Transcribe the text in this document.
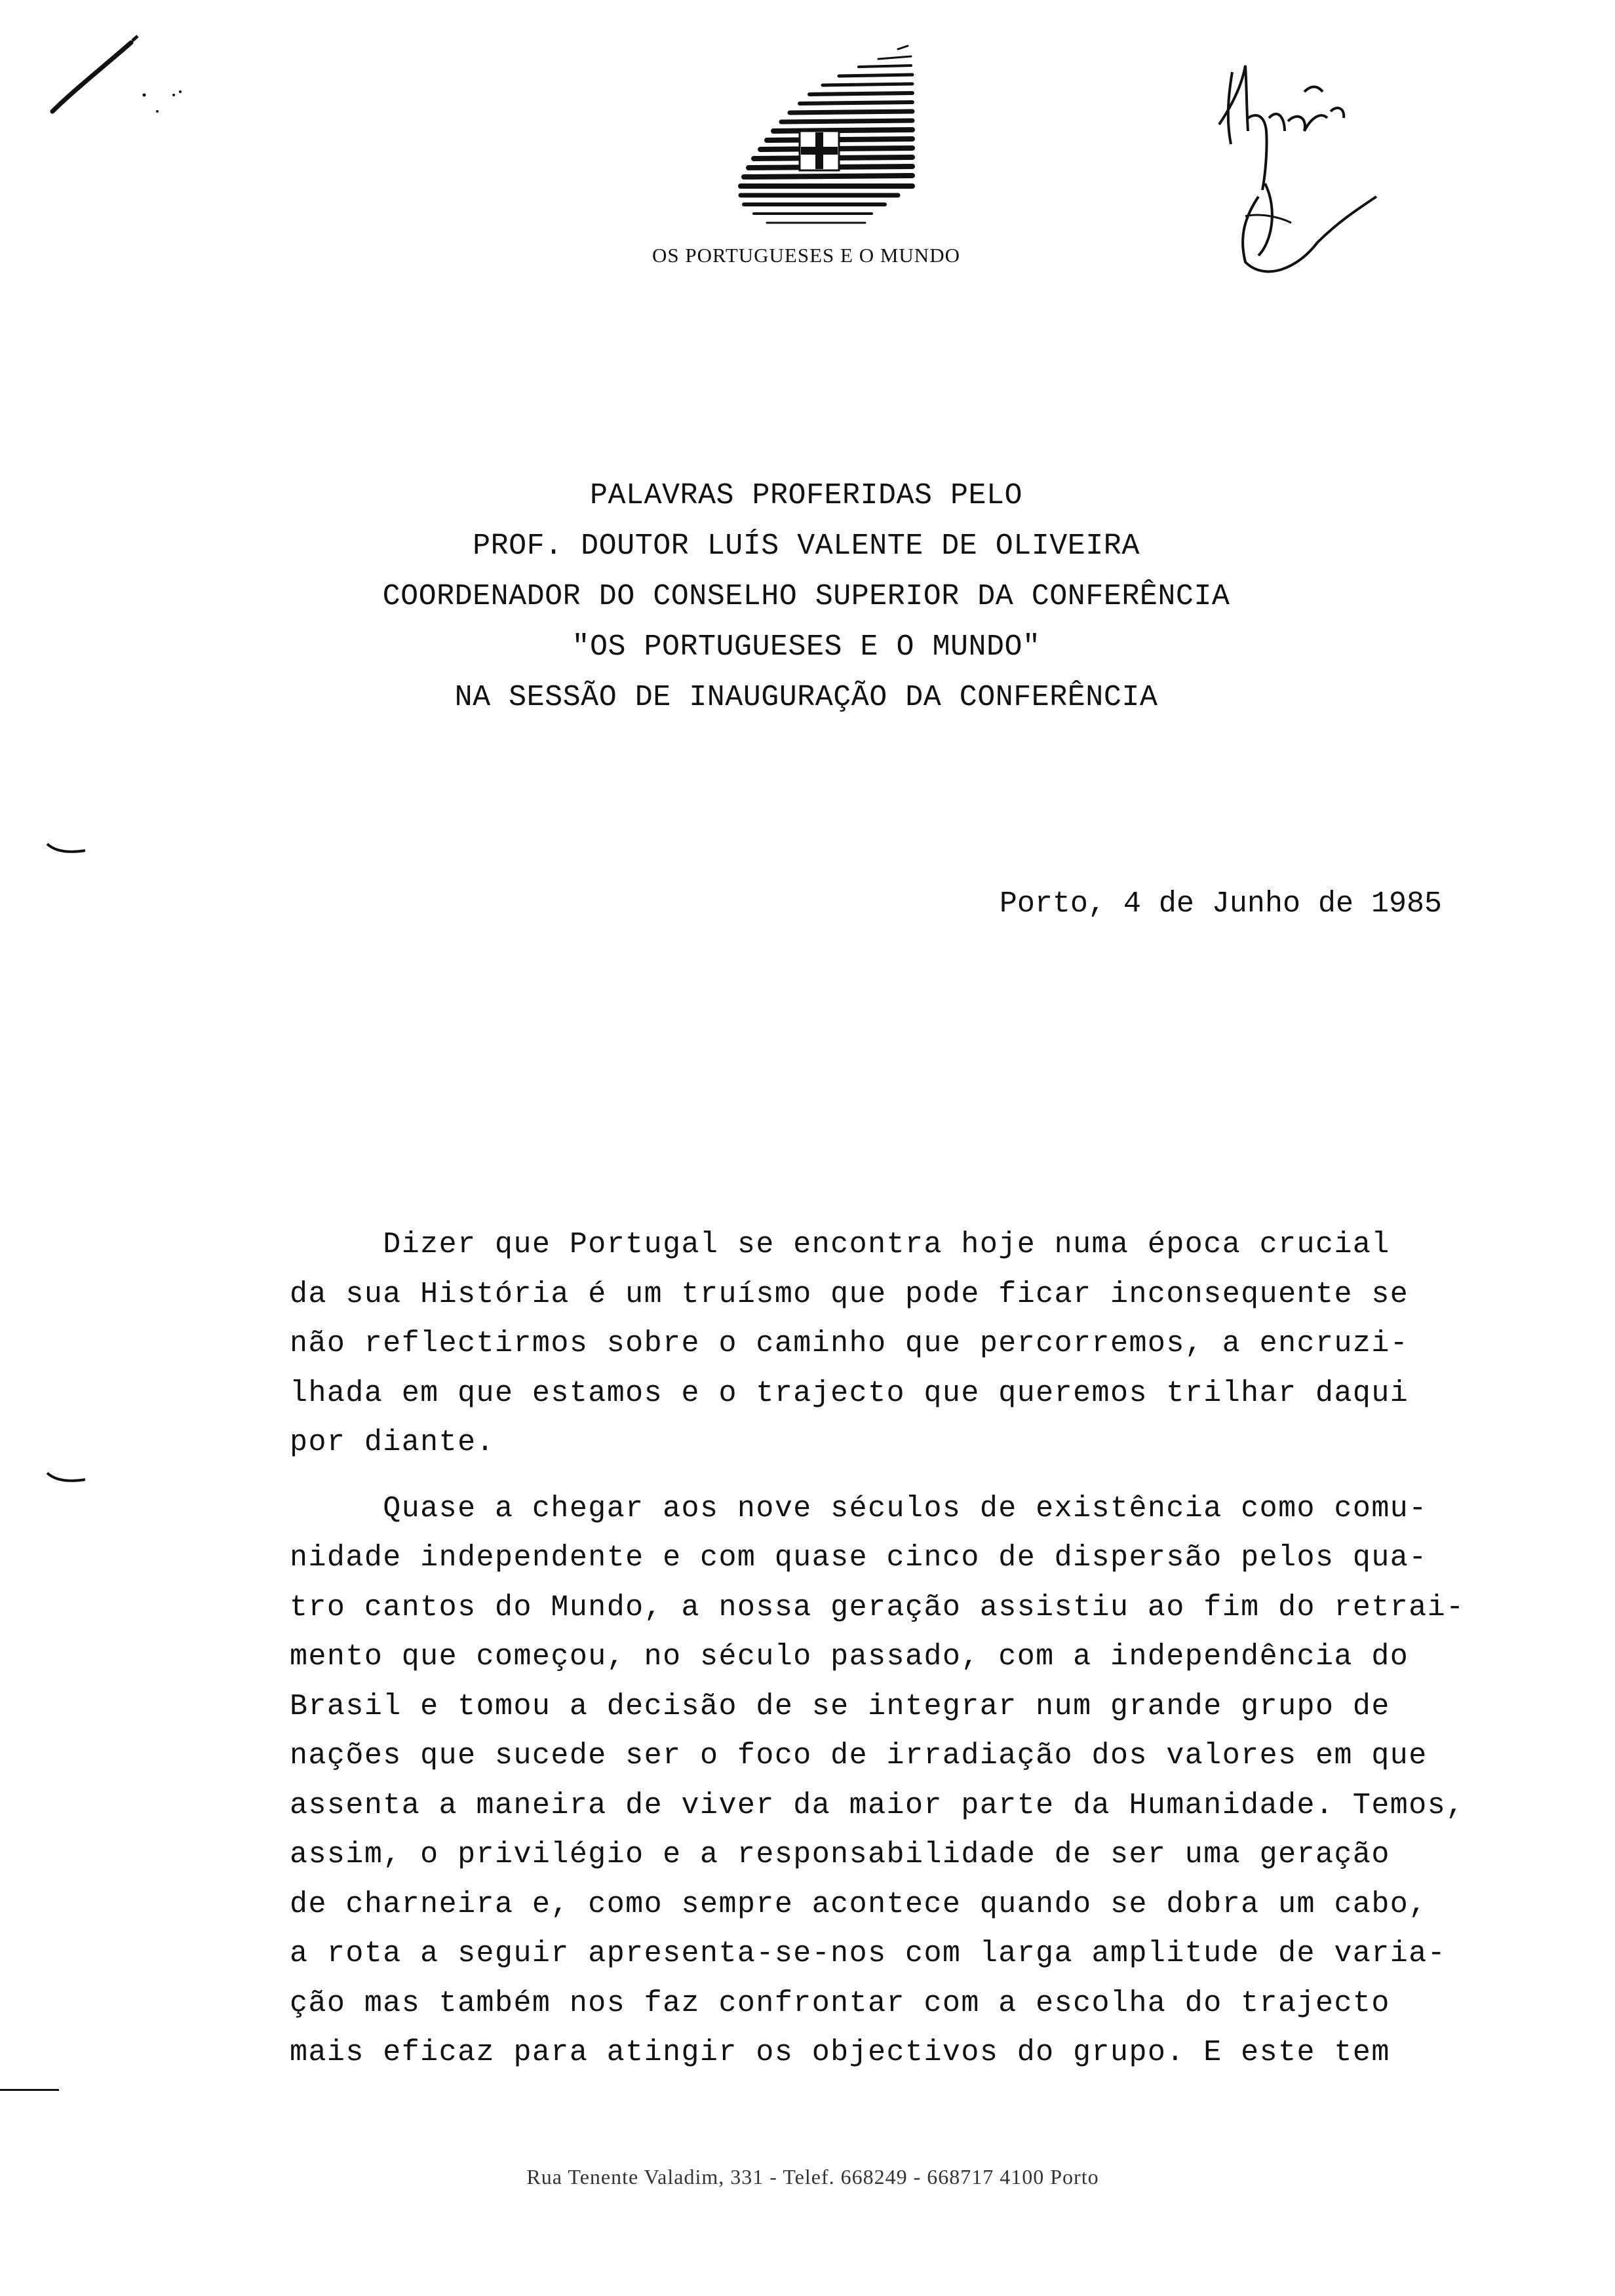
OS PORTUGUESES E O MUNDO
PALAVRAS PROFERIDAS PELO
PROF. DOUTOR LUÍS VALENTE DE OLIVEIRA
COORDENADOR DO CONSELHO SUPERIOR DA CONFERÊNCIA
"OS PORTUGUESES E O MUNDO"
NA SESSÃO DE INAUGURAÇÃO DA CONFERÊNCIA
Porto, 4 de Junho de 1985
Dizer que Portugal se encontra hoje numa época crucial
da sua História é um truísmo que pode ficar inconsequente se
não reflectirmos sobre o caminho que percorremos, a encruzi-
lhada em que estamos e o trajecto que queremos trilhar daqui
por diante.
Quase a chegar aos nove séculos de existência como comu-
nidade independente e com quase cinco de dispersão pelos qua-
tro cantos do Mundo, a nossa geração assistiu ao fim do retrai-
mento que começou, no século passado, com a independência do
Brasil e tomou a decisão de se integrar num grande grupo de
nações que sucede ser o foco de irradiação dos valores em que
assenta a maneira de viver da maior parte da Humanidade. Temos,
assim, o privilégio e a responsabilidade de ser uma geração
de charneira e, como sempre acontece quando se dobra um cabo,
a rota a seguir apresenta-se-nos com larga amplitude de varia-
ção mas também nos faz confrontar com a escolha do trajecto
mais eficaz para atingir os objectivos do grupo. E este tem
Rua Tenente Valadim, 331 - Telef. 668249 - 668717 4100 Porto
